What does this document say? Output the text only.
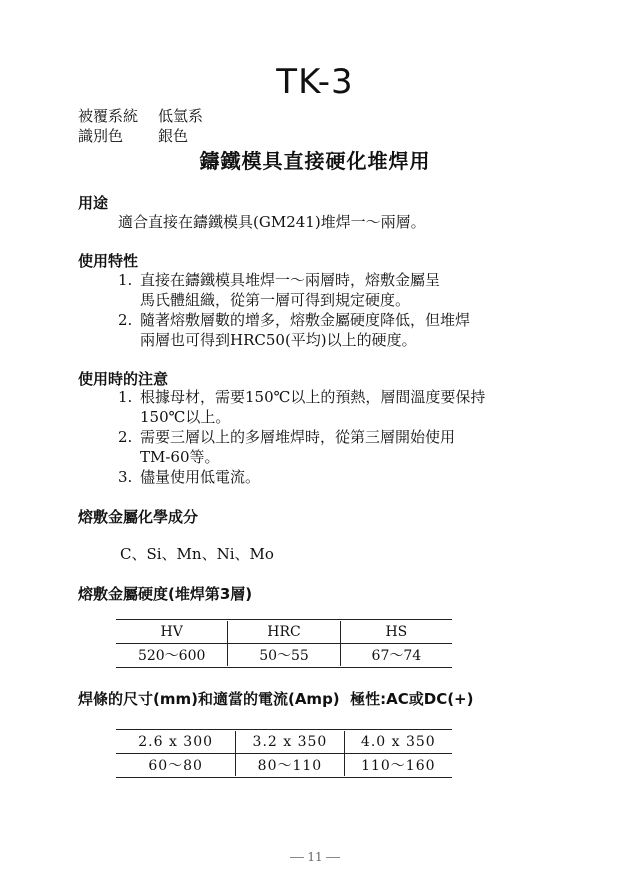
TK-3
被覆系統 低氫系
識別色 銀色
鑄鐵模具直接硬化堆焊用
用途
適合直接在鑄鐵模具(GM241)堆焊一～兩層。
使用特性
1. 直接在鑄鐵模具堆焊一～兩層時，熔敷金屬呈
馬氏體組織，從第一層可得到規定硬度。
2. 隨著熔敷層數的增多，熔敷金屬硬度降低，但堆焊
兩層也可得到HRC50(平均)以上的硬度。
使用時的注意
1. 根據母材，需要150℃以上的預熱，層間溫度要保持
150℃以上。
2. 需要三層以上的多層堆焊時，從第三層開始使用
TM-60等。
3. 儘量使用低電流。
熔敷金屬化學成分
C、Si、Mn、Ni、Mo
熔敷金屬硬度(堆焊第3層)
HV	HRC	HS
520～600	50～55	67～74
焊條的尺寸(mm)和適當的電流(Amp) 極性:AC或DC(+)
2.6 x 300	3.2 x 350	4.0 x 350
60～80	80～110	110～160
11
